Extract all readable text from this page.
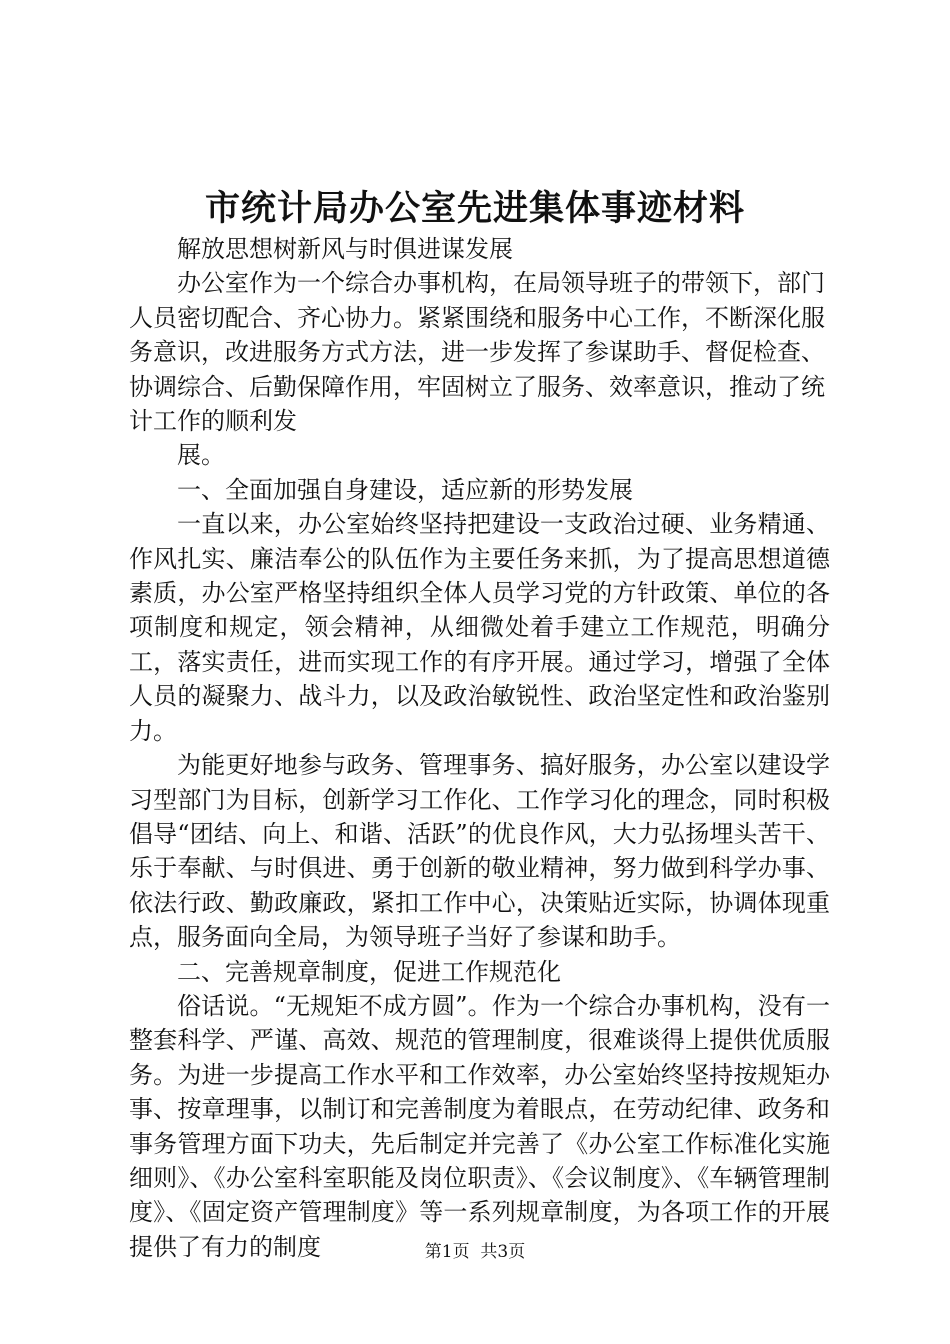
市统计局办公室先进集体事迹材料

解放思想树新风与时俱进谋发展

办公室作为一个综合办事机构，在局领导班子的带领下，部门人员密切配合、齐心协力。紧紧围绕和服务中心工作，不断深化服务意识，改进服务方式方法，进一步发挥了参谋助手、督促检查、协调综合、后勤保障作用，牢固树立了服务、效率意识，推动了统计工作的顺利发

展。

一、全面加强自身建设，适应新的形势发展

一直以来，办公室始终坚持把建设一支政治过硬、业务精通、作风扎实、廉洁奉公的队伍作为主要任务来抓，为了提高思想道德素质，办公室严格坚持组织全体人员学习党的方针政策、单位的各项制度和规定，领会精神，从细微处着手建立工作规范，明确分工，落实责任，进而实现工作的有序开展。通过学习，增强了全体人员的凝聚力、战斗力，以及政治敏锐性、政治坚定性和政治鉴别力。

为能更好地参与政务、管理事务、搞好服务，办公室以建设学习型部门为目标，创新学习工作化、工作学习化的理念，同时积极倡导“团结、向上、和谐、活跃”的优良作风，大力弘扬埋头苦干、乐于奉献、与时俱进、勇于创新的敬业精神，努力做到科学办事、依法行政、勤政廉政，紧扣工作中心，决策贴近实际，协调体现重点，服务面向全局，为领导班子当好了参谋和助手。

二、完善规章制度，促进工作规范化

俗话说。“无规矩不成方圆”。作为一个综合办事机构，没有一整套科学、严谨、高效、规范的管理制度，很难谈得上提供优质服务。为进一步提高工作水平和工作效率，办公室始终坚持按规矩办事、按章理事，以制订和完善制度为着眼点，在劳动纪律、政务和事务管理方面下功夫，先后制定并完善了《办公室工作标准化实施细则》、《办公室科室职能及岗位职责》、《会议制度》、《车辆管理制度》、《固定资产管理制度》等一系列规章制度，为各项工作的开展提供了有力的制度	第1页  共3页
